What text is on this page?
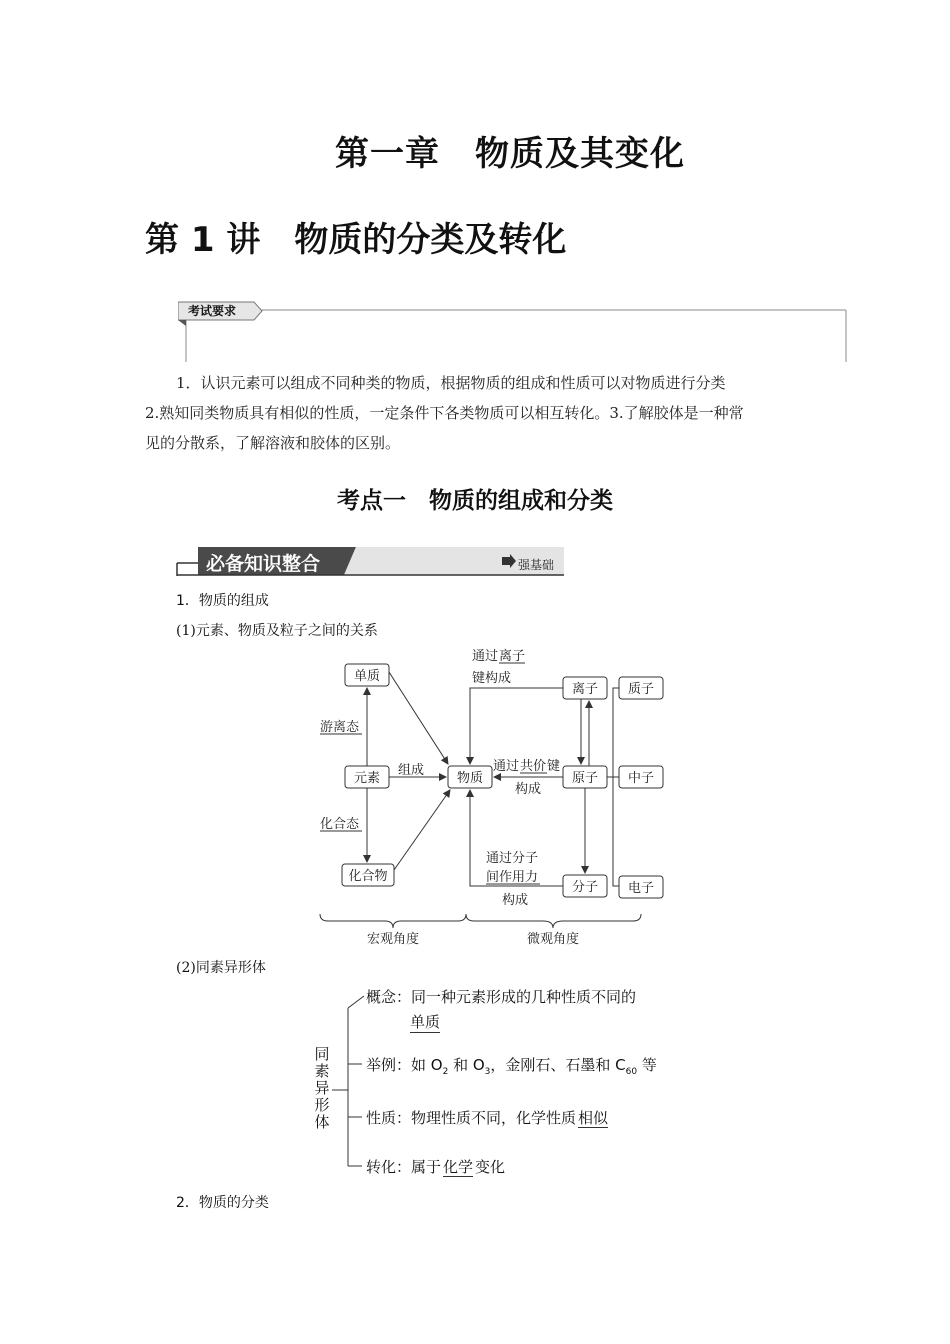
第一章　物质及其变化
第 1 讲　物质的分类及转化
考试要求
1．认识元素可以组成不同种类的物质，根据物质的组成和性质可以对物质进行分类
2.熟知同类物质具有相似的性质，一定条件下各类物质可以相互转化。3.了解胶体是一种常
见的分散系，了解溶液和胶体的区别。
考点一　物质的组成和分类
必备知识整合	强基础
1．物质的组成
(1)元素、物质及粒子之间的关系
单质
元素
化合物
物质
离子
原子
分子
质子
中子
电子
游离态
化合态
组成
通过 离子
键构成
通过 共价 键
构成
通过分子
间作用力
构成
宏观角度	微观角度
(2)同素异形体
同
素
异
形
体
概念：同一种元素形成的几种性质不同的
单质
举例：如 $O_2$ 和 $O_3$，金刚石、石墨和 $C_{60}$ 等
性质：物理性质不同，化学性质 相似
转化：属于 化学 变化
2．物质的分类
